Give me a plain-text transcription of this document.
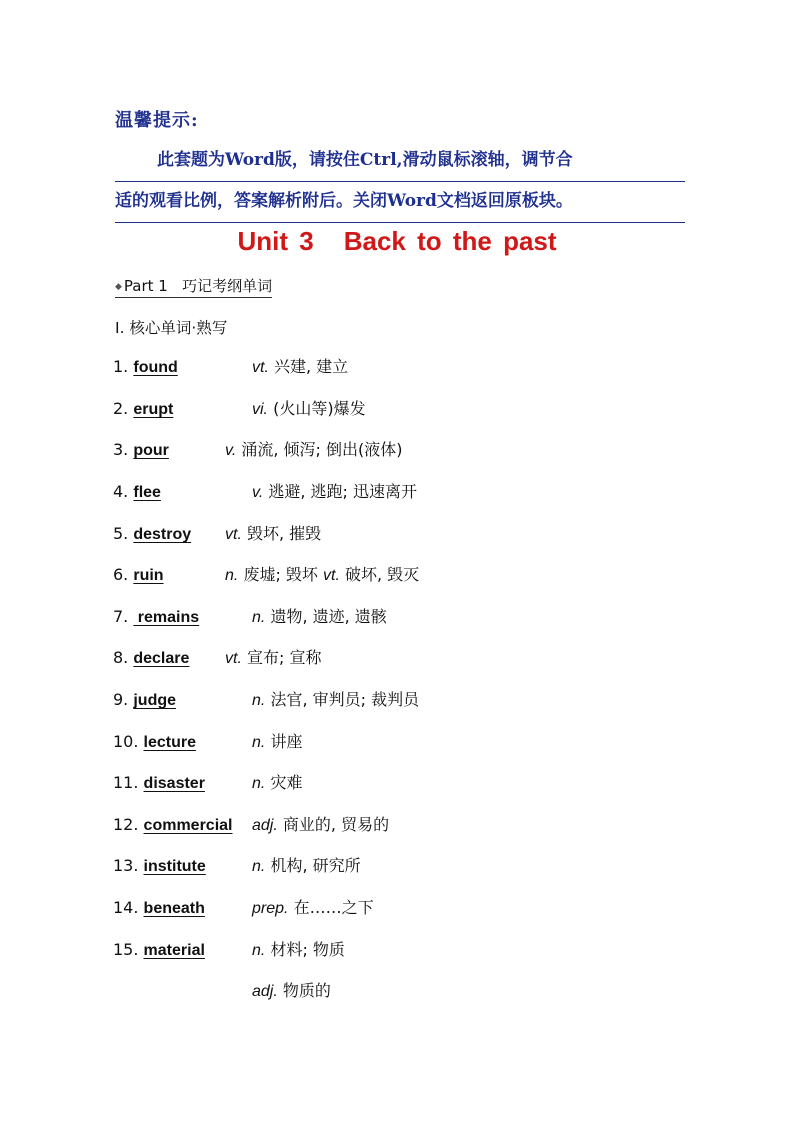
温馨提示:
此套题为Word版，请按住Ctrl,滑动鼠标滚轴，调节合
适的观看比例，答案解析附后。关闭Word文档返回原板块。
Unit 3 Back to the past
◆ Part 1 巧记考纲单词
Ⅰ. 核心单词·熟写
1. found
2. erupt
3. pour
4. flee
5. destroy
6. ruin
7.  remains
8. declare
9. judge
10. lecture
11. disaster
12. commercial
13. institute
14. beneath
15. material
vt. 兴建, 建立
vi. (火山等)爆发
v. 涌流, 倾泻; 倒出(液体)
v. 逃避, 逃跑; 迅速离开
vt. 毁坏, 摧毁
n. 废墟; 毁坏 vt. 破坏, 毁灭
n. 遗物, 遗迹, 遗骸
vt. 宣布; 宣称
n. 法官, 审判员; 裁判员
n. 讲座
n. 灾难
adj. 商业的, 贸易的
n. 机构, 研究所
prep. 在……之下
n. 材料; 物质
adj. 物质的
